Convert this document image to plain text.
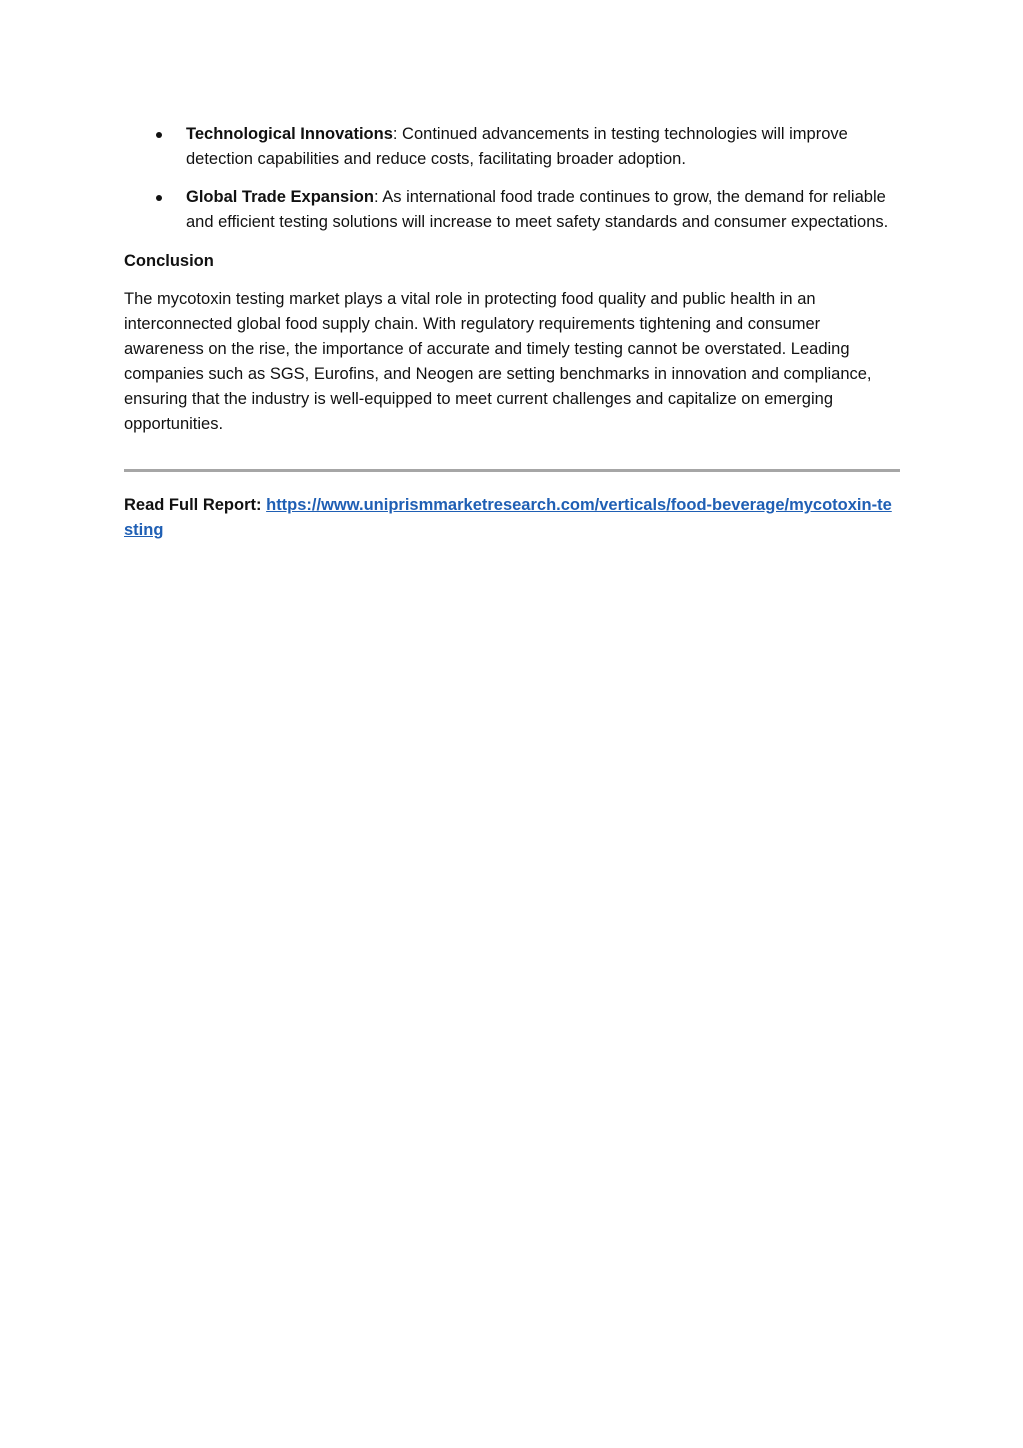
Technological Innovations: Continued advancements in testing technologies will improve detection capabilities and reduce costs, facilitating broader adoption.
Global Trade Expansion: As international food trade continues to grow, the demand for reliable and efficient testing solutions will increase to meet safety standards and consumer expectations.
Conclusion

The mycotoxin testing market plays a vital role in protecting food quality and public health in an interconnected global food supply chain. With regulatory requirements tightening and consumer awareness on the rise, the importance of accurate and timely testing cannot be overstated. Leading companies such as SGS, Eurofins, and Neogen are setting benchmarks in innovation and compliance, ensuring that the industry is well-equipped to meet current challenges and capitalize on emerging opportunities.

Read Full Report: https://www.uniprismmarketresearch.com/verticals/food-beverage/mycotoxin-testing
